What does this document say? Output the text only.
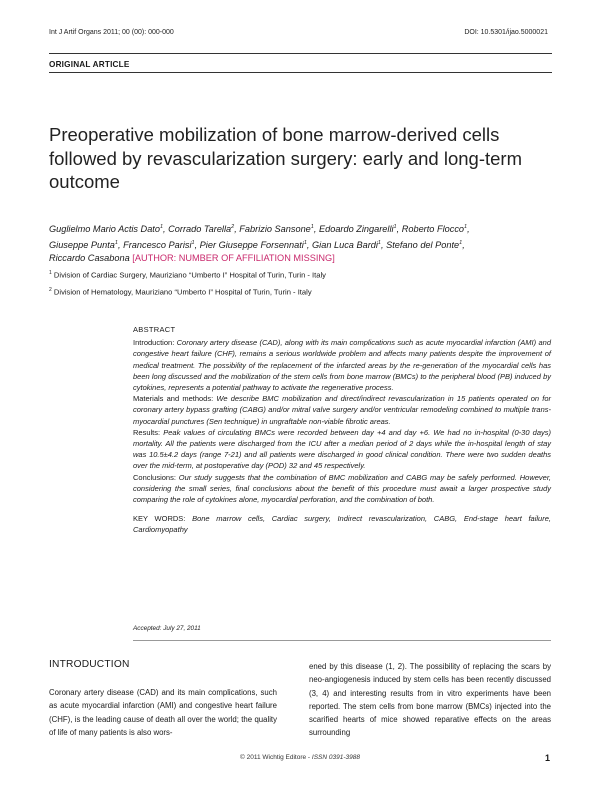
Int J Artif Organs 2011; 00 (00): 000-000	DOI: 10.5301/ijao.5000021
ORIGINAL ARTICLE
Preoperative mobilization of bone marrow-derived cells followed by revascularization surgery: early and long-term outcome
Guglielmo Mario Actis Dato$^1$, Corrado Tarella$^2$, Fabrizio Sansone$^1$, Edoardo Zingarelli$^1$, Roberto Flocco$^1$,
Giuseppe Punta$^1$, Francesco Parisi$^1$, Pier Giuseppe Forsennati$^1$, Gian Luca Bardi$^1$, Stefano del Ponte$^1$,
Riccardo Casabona [AUTHOR: NUMBER OF AFFILIATION MISSING]
$^1$ Division of Cardiac Surgery, Mauriziano “Umberto I” Hospital of Turin, Turin - Italy
$^2$ Division of Hematology, Mauriziano “Umberto I” Hospital of Turin, Turin - Italy
ABSTRACT

Introduction: Coronary artery disease (CAD), along with its main complications such as acute myocardial infarction (AMI) and congestive heart failure (CHF), remains a serious worldwide problem and affects many patients despite the improvement of medical treatment. The possibility of the replacement of the infarcted areas by the re-generation of the myocardial cells has been long discussed and the mobilization of the stem cells from bone marrow (BMCs) to the peripheral blood (PB) induced by cytokines, represents a potential pathway to activate the regenerative process.

Materials and methods: We describe BMC mobilization and direct/indirect revascularization in 15 patients operated on for coronary artery bypass grafting (CABG) and/or mitral valve surgery and/or ventricular remodeling combined to multiple trans-myocardial punctures (Sen technique) in ungraftable non-viable fibrotic areas.

Results: Peak values of circulating BMCs were recorded between day +4 and day +6. We had no in-hospital (0-30 days) mortality. All the patients were discharged from the ICU after a median period of 2 days while the in-hospital length of stay was 10.5±4.2 days (range 7-21) and all patients were discharged in good clinical condition. There were two sudden deaths over the mid-term, at postoperative day (POD) 32 and 45 respectively.

Conclusions: Our study suggests that the combination of BMC mobilization and CABG may be safely performed. However, considering the small series, final conclusions about the benefit of this procedure must await a larger prospective study comparing the role of cytokines alone, myocardial perforation, and the combination of both.

KEY WORDS: Bone marrow cells, Cardiac surgery, Indirect revascularization, CABG, End-stage heart failure, Cardiomyopathy

Accepted: July 27, 2011
INTRODUCTION

Coronary artery disease (CAD) and its main complications, such as acute myocardial infarction (AMI) and congestive heart failure (CHF), is the leading cause of death all over the world; the quality of life of many patients is also wors-

ened by this disease (1, 2). The possibility of replacing the scars by neo-angiogenesis induced by stem cells has been recently discussed (3, 4) and interesting results from in vitro experiments have been reported. The stem cells from bone marrow (BMCs) injected into the scarified hearts of mice showed reparative effects on the areas surrounding

© 2011 Wichtig Editore - ISSN 0391-3988	1
